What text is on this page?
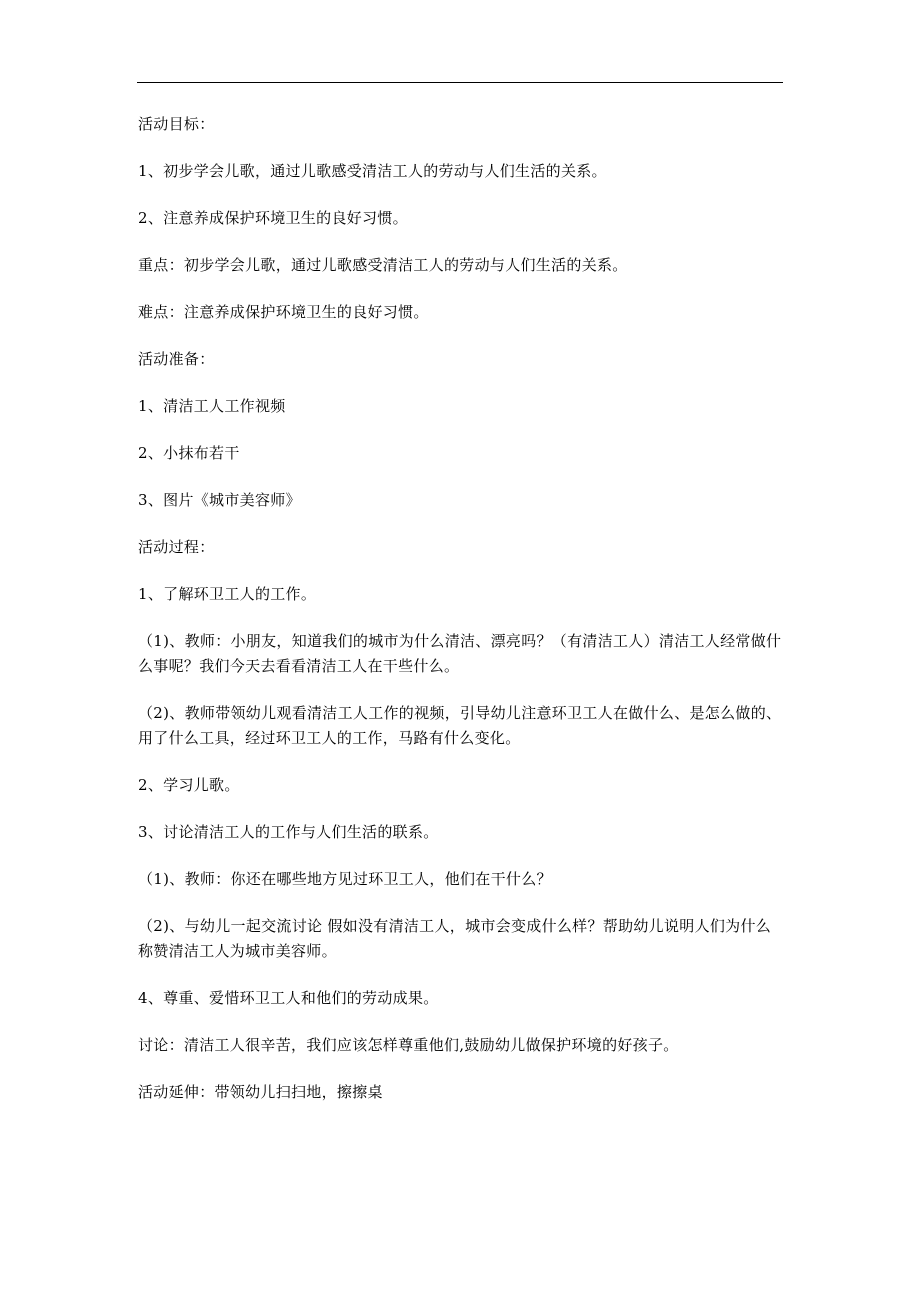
活动目标：

1、初步学会儿歌，通过儿歌感受清洁工人的劳动与人们生活的关系。

2、注意养成保护环境卫生的良好习惯。

重点：初步学会儿歌，通过儿歌感受清洁工人的劳动与人们生活的关系。

难点：注意养成保护环境卫生的良好习惯。

活动准备：

1、清洁工人工作视频

2、小抹布若干

3、图片《城市美容师》

活动过程：

1、了解环卫工人的工作。

（1)、教师：小朋友，知道我们的城市为什么清洁、漂亮吗？（有清洁工人）清洁工人经常做什么事呢？我们今天去看看清洁工人在干些什么。

（2)、教师带领幼儿观看清洁工人工作的视频，引导幼儿注意环卫工人在做什么、是怎么做的、用了什么工具，经过环卫工人的工作，马路有什么变化。

2、学习儿歌。

3、讨论清洁工人的工作与人们生活的联系。

（1)、教师：你还在哪些地方见过环卫工人，他们在干什么？

（2)、与幼儿一起交流讨论 假如没有清洁工人，城市会变成什么样？帮助幼儿说明人们为什么称赞清洁工人为城市美容师。

4、尊重、爱惜环卫工人和他们的劳动成果。

讨论：清洁工人很辛苦，我们应该怎样尊重他们,鼓励幼儿做保护环境的好孩子。

活动延伸：带领幼儿扫扫地，擦擦桌
